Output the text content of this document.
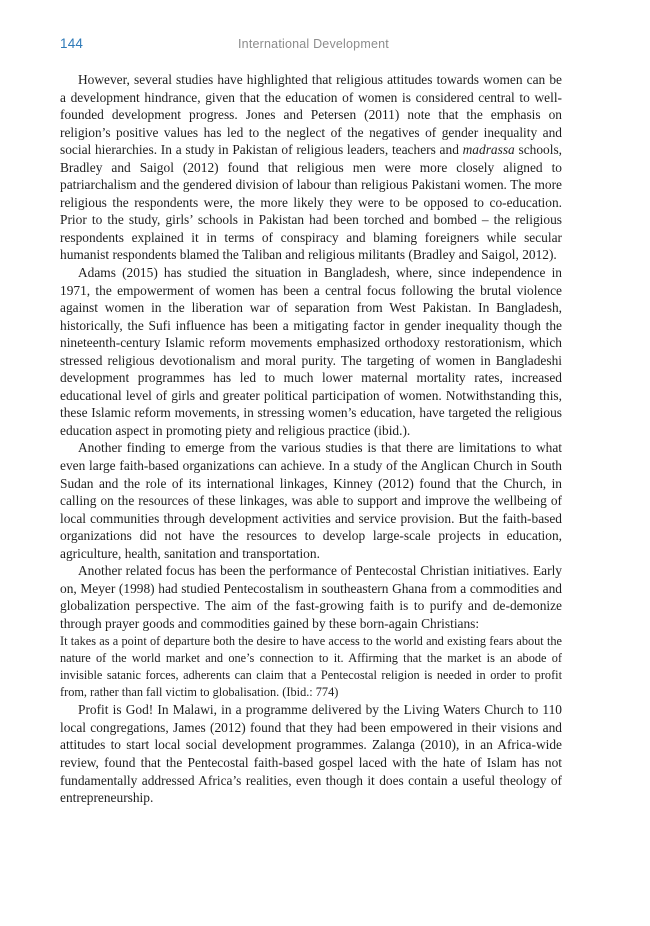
144	International Development

However, several studies have highlighted that religious attitudes towards women can be a development hindrance, given that the education of women is considered central to well-founded development progress. Jones and Petersen (2011) note that the emphasis on religion’s positive values has led to the neglect of the negatives of gender inequality and social hierarchies. In a study in Pakistan of religious leaders, teachers and madrassa schools, Bradley and Saigol (2012) found that religious men were more closely aligned to patriarchalism and the gendered division of labour than religious Pakistani women. The more religious the respondents were, the more likely they were to be opposed to co-education. Prior to the study, girls’ schools in Pakistan had been torched and bombed – the religious respondents explained it in terms of conspiracy and blaming foreigners while secular humanist respondents blamed the Taliban and religious militants (Bradley and Saigol, 2012).

Adams (2015) has studied the situation in Bangladesh, where, since independence in 1971, the empowerment of women has been a central focus following the brutal violence against women in the liberation war of separation from West Pakistan. In Bangladesh, historically, the Sufi influence has been a mitigating factor in gender inequality though the nineteenth-century Islamic reform movements emphasized orthodoxy restorationism, which stressed religious devotionalism and moral purity. The targeting of women in Bangladeshi development programmes has led to much lower maternal mortality rates, increased educational level of girls and greater political participation of women. Notwithstanding this, these Islamic reform movements, in stressing women’s education, have targeted the religious education aspect in promoting piety and religious practice (ibid.).

Another finding to emerge from the various studies is that there are limitations to what even large faith-based organizations can achieve. In a study of the Anglican Church in South Sudan and the role of its international linkages, Kinney (2012) found that the Church, in calling on the resources of these linkages, was able to support and improve the wellbeing of local communities through development activities and service provision. But the faith-based organizations did not have the resources to develop large-scale projects in education, agriculture, health, sanitation and transportation.

Another related focus has been the performance of Pentecostal Christian initiatives. Early on, Meyer (1998) had studied Pentecostalism in southeastern Ghana from a commodities and globalization perspective. The aim of the fast-growing faith is to purify and de-demonize through prayer goods and commodities gained by these born-again Christians:

It takes as a point of departure both the desire to have access to the world and existing fears about the nature of the world market and one’s connection to it. Affirming that the market is an abode of invisible satanic forces, adherents can claim that a Pentecostal religion is needed in order to profit from, rather than fall victim to globalisation. (Ibid.: 774)

Profit is God! In Malawi, in a programme delivered by the Living Waters Church to 110 local congregations, James (2012) found that they had been empowered in their visions and attitudes to start local social development programmes. Zalanga (2010), in an Africa-wide review, found that the Pentecostal faith-based gospel laced with the hate of Islam has not fundamentally addressed Africa’s realities, even though it does contain a useful theology of entrepreneurship.
